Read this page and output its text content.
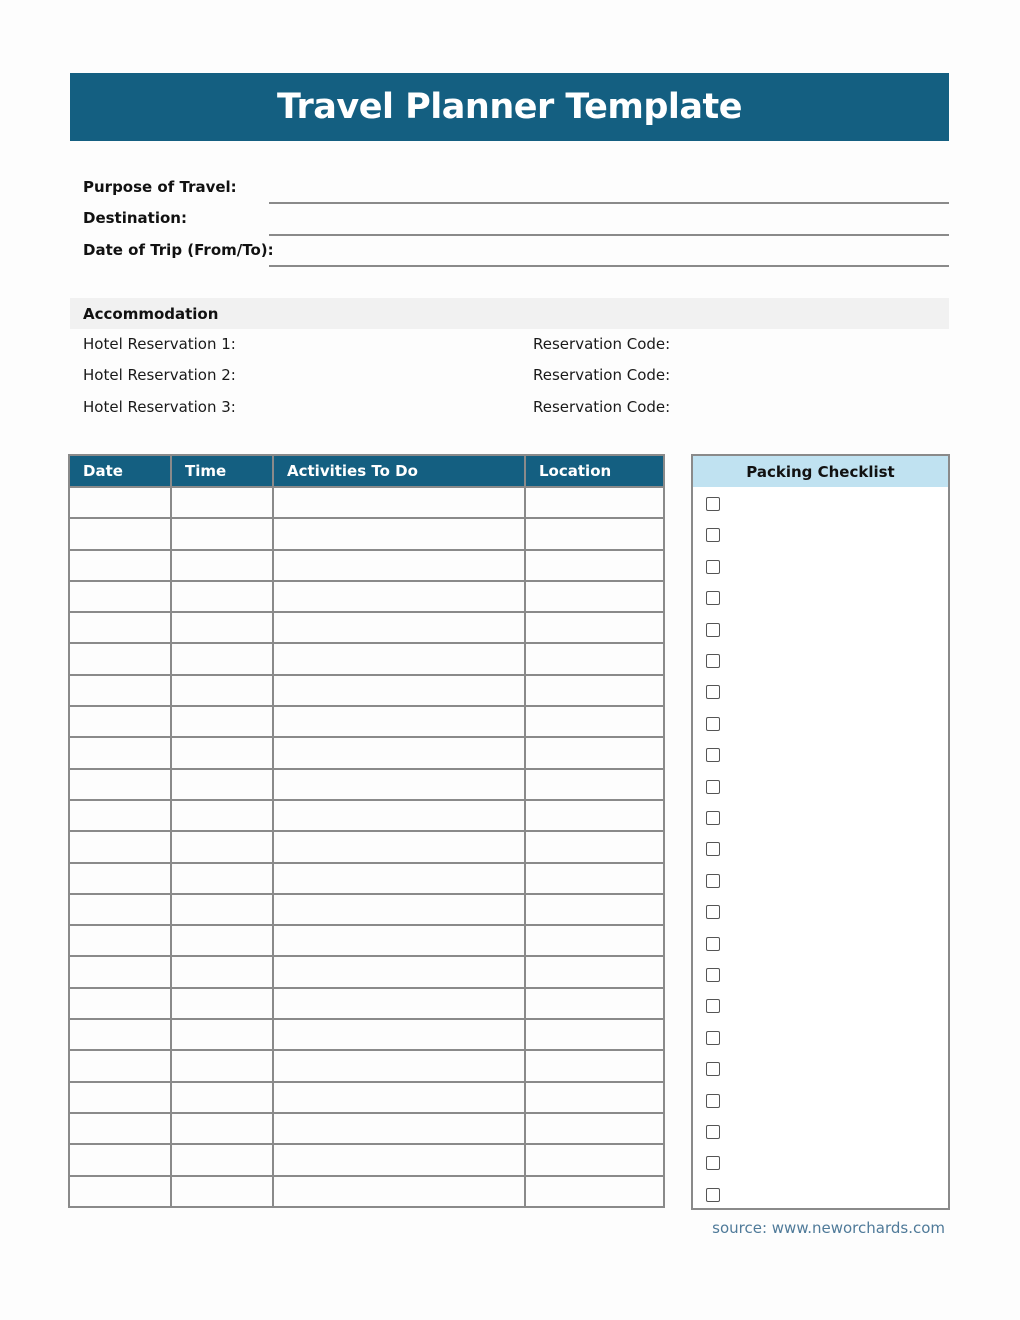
Travel Planner Template
Purpose of Travel:
Destination:
Date of Trip (From/To):
Accommodation
Hotel Reservation 1:	Reservation Code:
Hotel Reservation 2:	Reservation Code:
Hotel Reservation 3:	Reservation Code:
Date	Time	Activities To Do	Location

				Packing Checklist
source: www.neworchards.com
